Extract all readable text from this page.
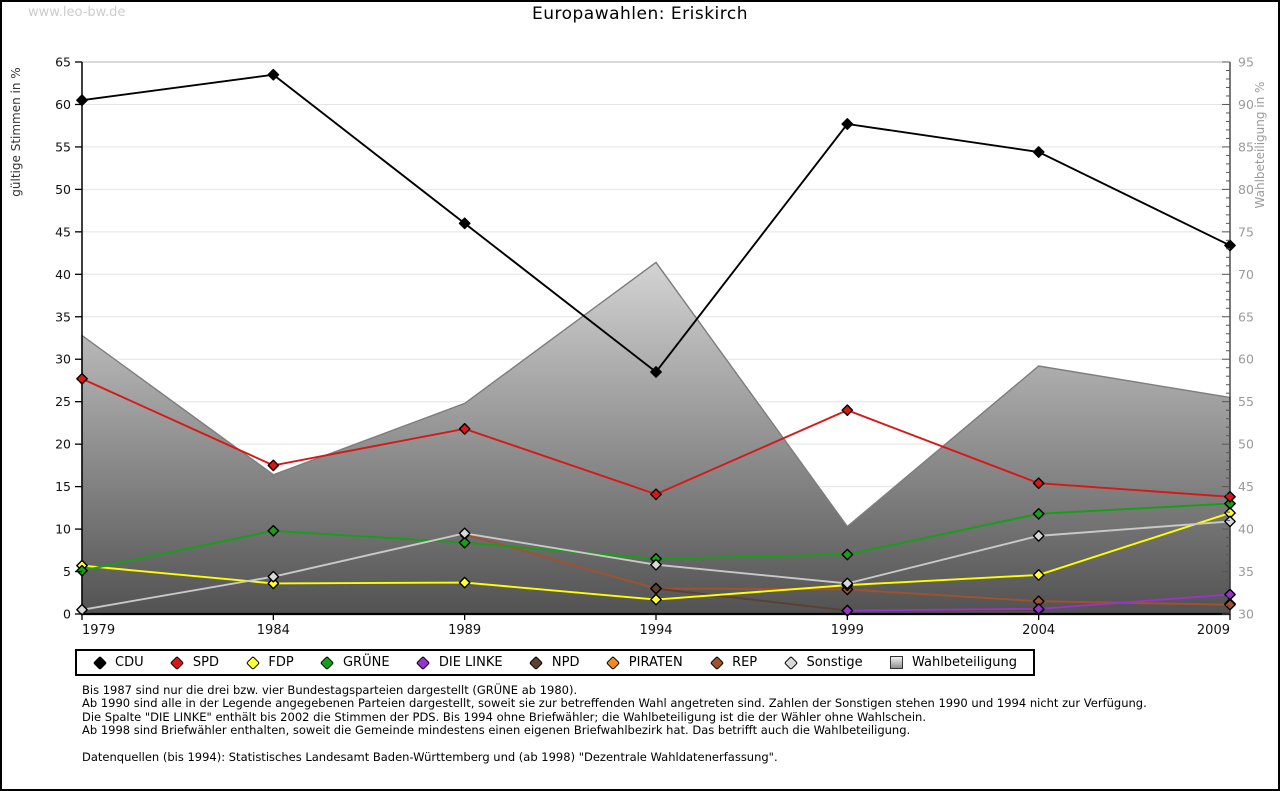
www.leo-bw.de	Europawahlen: Eriskirch
0
5
10
15
20
25
30
35
40
45
50
55
60
65
gültige Stimmen in %
30
35
40
45
50
55
60
65
70
75
80
85
90
95
Wahlbeteiligung in %
1979	1984	1989	1994	1999	2004	2009
CDU	SPD	FDP	GRÜNE	DIE LINKE	NPD	PIRATEN	REP	Sonstige	Wahlbeteiligung
Bis 1987 sind nur die drei bzw. vier Bundestagsparteien dargestellt (GRÜNE ab 1980).
Ab 1990 sind alle in der Legende angegebenen Parteien dargestellt, soweit sie zur betreffenden Wahl angetreten sind. Zahlen der Sonstigen stehen 1990 und 1994 nicht zur Verfügung.
Die Spalte "DIE LINKE" enthält bis 2002 die Stimmen der PDS. Bis 1994 ohne Briefwähler; die Wahlbeteiligung ist die der Wähler ohne Wahlschein.
Ab 1998 sind Briefwähler enthalten, soweit die Gemeinde mindestens einen eigenen Briefwahlbezirk hat. Das betrifft auch die Wahlbeteiligung.
Datenquellen (bis 1994): Statistisches Landesamt Baden-Württemberg und (ab 1998) "Dezentrale Wahldatenerfassung".
